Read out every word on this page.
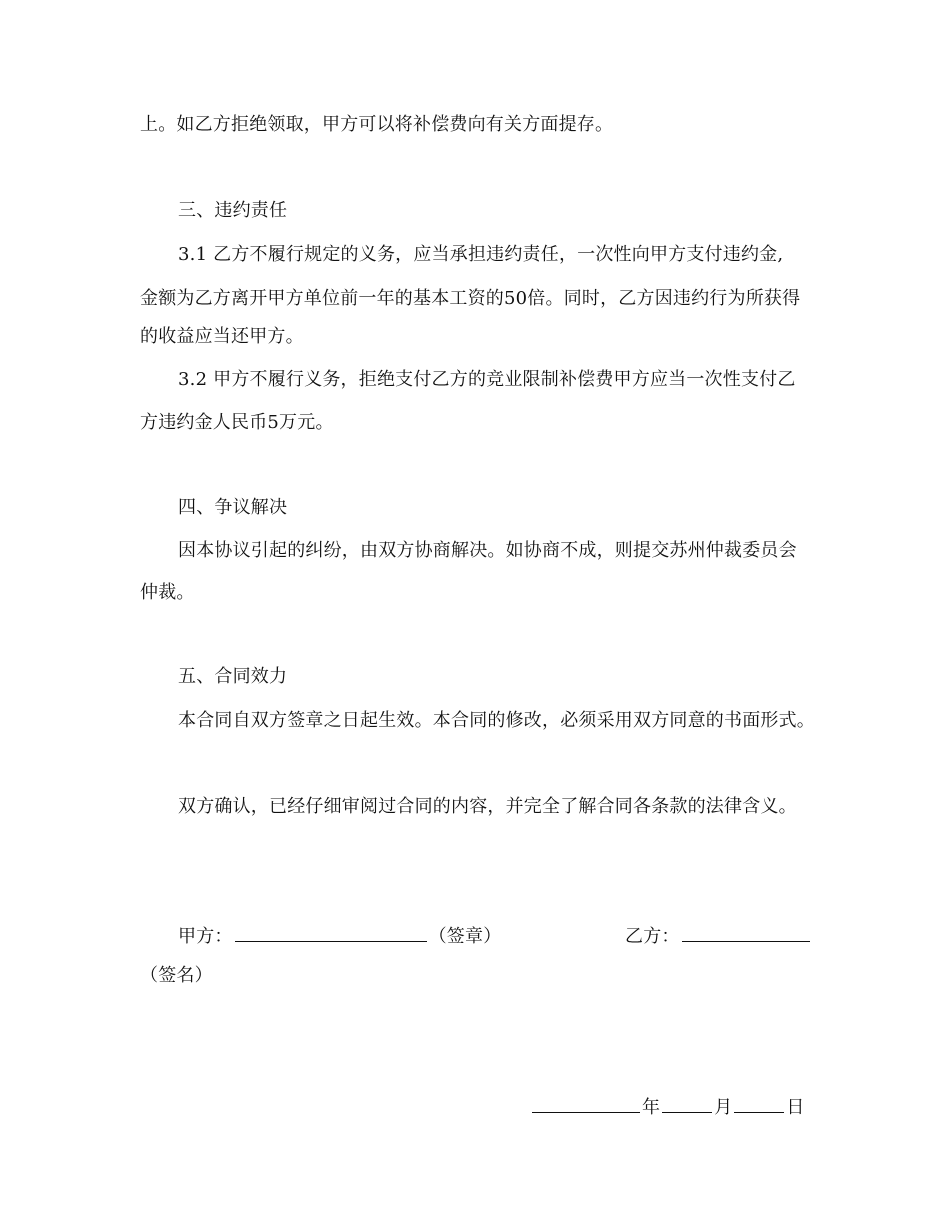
上。如乙方拒绝领取，甲方可以将补偿费向有关方面提存。
三、违约责任
3.1 乙方不履行规定的义务，应当承担违约责任，一次性向甲方支付违约金,
金额为乙方离开甲方单位前一年的基本工资的50倍。同时，乙方因违约行为所获得
的收益应当还甲方。
3.2 甲方不履行义务，拒绝支付乙方的竞业限制补偿费甲方应当一次性支付乙
方违约金人民币5万元。
四、争议解决
因本协议引起的纠纷，由双方协商解决。如协商不成，则提交苏州仲裁委员会
仲裁。
五、合同效力
本合同自双方签章之日起生效。本合同的修改，必须采用双方同意的书面形式。
双方确认，已经仔细审阅过合同的内容，并完全了解合同各条款的法律含义。
甲方：	（签章）	乙方：
（签名）
年	月	日
